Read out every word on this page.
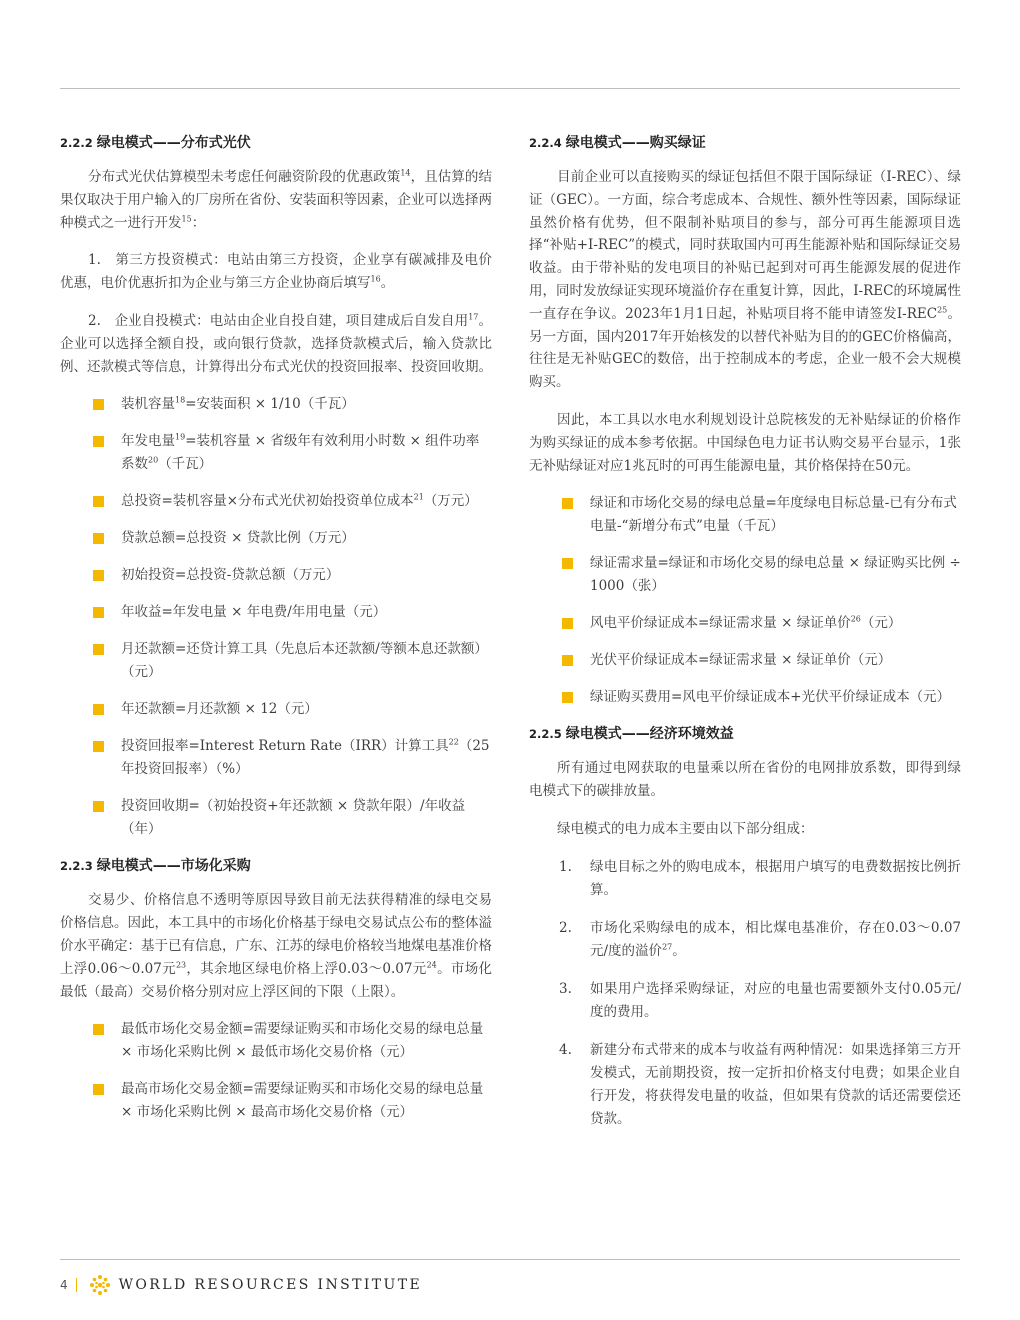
2.2.2 绿电模式——分布式光伏

分布式光伏估算模型未考虑任何融资阶段的优惠政策$^{14}$，且估算的结果仅取决于用户输入的厂房所在省份、安装面积等因素，企业可以选择两种模式之一进行开发$^{15}$：

1.　第三方投资模式：电站由第三方投资，企业享有碳减排及电价优惠，电价优惠折扣为企业与第三方企业协商后填写$^{16}$。

2.　企业自投模式：电站由企业自投自建，项目建成后自发自用$^{17}$。企业可以选择全额自投，或向银行贷款，选择贷款模式后，输入贷款比例、还款模式等信息，计算得出分布式光伏的投资回报率、投资回收期。

装机容量$^{18}$=安装面积 × 1/10（千瓦）
年发电量$^{19}$=装机容量 × 省级年有效利用小时数 × 组件功率系数$^{20}$（千瓦）
总投资=装机容量×分布式光伏初始投资单位成本$^{21}$（万元）
贷款总额=总投资 × 贷款比例（万元）
初始投资=总投资-贷款总额（万元）
年收益=年发电量 × 年电费/年用电量（元）
月还款额=还贷计算工具（先息后本还款额/等额本息还款额）（元）
年还款额=月还款额 × 12（元）
投资回报率=Interest Return Rate（IRR）计算工具$^{22}$（25年投资回报率）（%）
投资回收期=（初始投资+年还款额 × 贷款年限）/年收益（年）
2.2.3 绿电模式——市场化采购

交易少、价格信息不透明等原因导致目前无法获得精准的绿电交易价格信息。因此，本工具中的市场化价格基于绿电交易试点公布的整体溢价水平确定：基于已有信息，广东、江苏的绿电价格较当地煤电基准价格上浮0.06～0.07元$^{23}$，其余地区绿电价格上浮0.03～0.07元$^{24}$。市场化最低（最高）交易价格分别对应上浮区间的下限（上限）。

最低市场化交易金额=需要绿证购买和市场化交易的绿电总量 × 市场化采购比例 × 最低市场化交易价格（元）
最高市场化交易金额=需要绿证购买和市场化交易的绿电总量 × 市场化采购比例 × 最高市场化交易价格（元）
2.2.4 绿电模式——购买绿证

目前企业可以直接购买的绿证包括但不限于国际绿证（I-REC）、绿证（GEC）。一方面，综合考虑成本、合规性、额外性等因素，国际绿证虽然价格有优势，但不限制补贴项目的参与，部分可再生能源项目选择“补贴+I-REC”的模式，同时获取国内可再生能源补贴和国际绿证交易收益。由于带补贴的发电项目的补贴已起到对可再生能源发展的促进作用，同时发放绿证实现环境溢价存在重复计算，因此，I-REC的环境属性一直存在争议。2023年1月1日起，补贴项目将不能申请签发I-REC$^{25}$。另一方面，国内2017年开始核发的以替代补贴为目的的GEC价格偏高，往往是无补贴GEC的数倍，出于控制成本的考虑，企业一般不会大规模购买。

因此，本工具以水电水利规划设计总院核发的无补贴绿证的价格作为购买绿证的成本参考依据。中国绿色电力证书认购交易平台显示，1张无补贴绿证对应1兆瓦时的可再生能源电量，其价格保持在50元。

绿证和市场化交易的绿电总量=年度绿电目标总量-已有分布式电量-“新增分布式”电量（千瓦）
绿证需求量=绿证和市场化交易的绿电总量 × 绿证购买比例 ÷ 1000（张）
风电平价绿证成本=绿证需求量 × 绿证单价$^{26}$（元）
光伏平价绿证成本=绿证需求量 × 绿证单价（元）
绿证购买费用=风电平价绿证成本+光伏平价绿证成本（元）
2.2.5 绿电模式——经济环境效益

所有通过电网获取的电量乘以所在省份的电网排放系数，即得到绿电模式下的碳排放量。

绿电模式的电力成本主要由以下部分组成：

1. 绿电目标之外的购电成本，根据用户填写的电费数据按比例折算。
2. 市场化采购绿电的成本，相比煤电基准价，存在0.03～0.07元/度的溢价$^{27}$。
3. 如果用户选择采购绿证，对应的电量也需要额外支付0.05元/度的费用。
4. 新建分布式带来的成本与收益有两种情况：如果选择第三方开发模式，无前期投资，按一定折扣价格支付电费；如果企业自行开发，将获得发电量的收益，但如果有贷款的话还需要偿还贷款。
4	WORLD RESOURCES INSTITUTE
